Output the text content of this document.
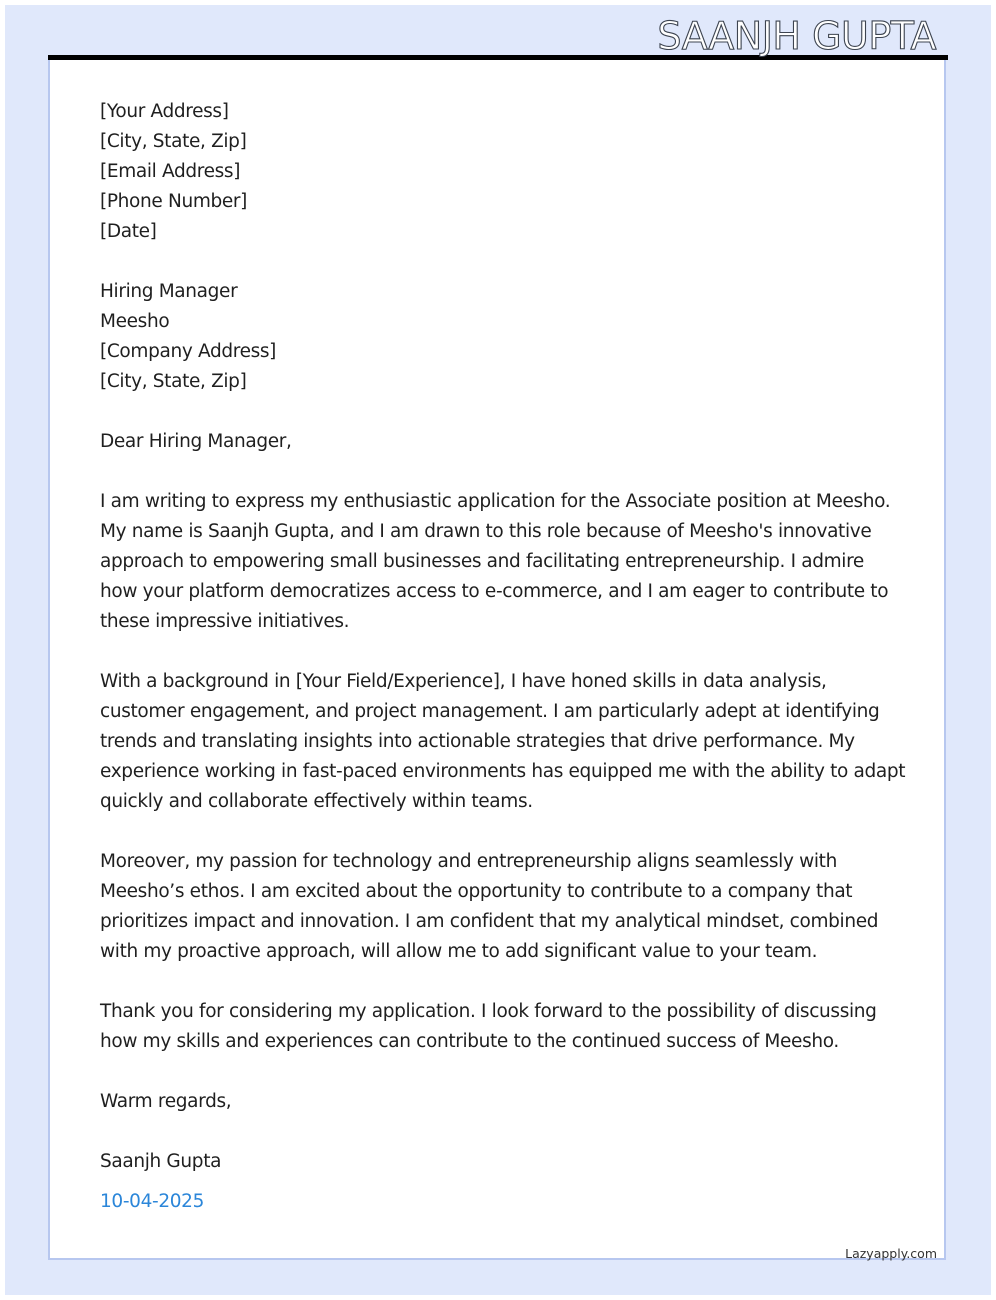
SAANJH GUPTA
[Your Address]
[City, State, Zip]
[Email Address]
[Phone Number]
[Date]
Hiring Manager
Meesho
[Company Address]
[City, State, Zip]
Dear Hiring Manager,
I am writing to express my enthusiastic application for the Associate position at Meesho.
My name is Saanjh Gupta, and I am drawn to this role because of Meesho's innovative
approach to empowering small businesses and facilitating entrepreneurship. I admire
how your platform democratizes access to e-commerce, and I am eager to contribute to
these impressive initiatives.
With a background in [Your Field/Experience], I have honed skills in data analysis,
customer engagement, and project management. I am particularly adept at identifying
trends and translating insights into actionable strategies that drive performance. My
experience working in fast-paced environments has equipped me with the ability to adapt
quickly and collaborate effectively within teams.
Moreover, my passion for technology and entrepreneurship aligns seamlessly with
Meesho’s ethos. I am excited about the opportunity to contribute to a company that
prioritizes impact and innovation. I am confident that my analytical mindset, combined
with my proactive approach, will allow me to add significant value to your team.
Thank you for considering my application. I look forward to the possibility of discussing
how my skills and experiences can contribute to the continued success of Meesho.
Warm regards,
Saanjh Gupta
10-04-2025
Lazyapply.com
